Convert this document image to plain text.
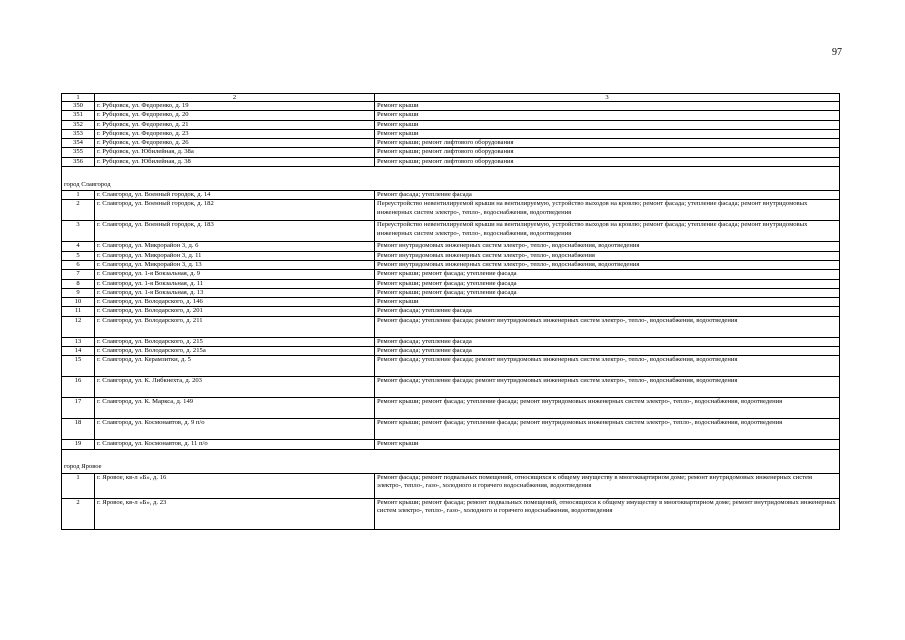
97
1	2	3
350	г. Рубцовск, ул. Федоренко, д. 19	Ремонт крыши
351	г. Рубцовск, ул. Федоренко, д. 20	Ремонт крыши
352	г. Рубцовск, ул. Федоренко, д. 21	Ремонт крыши
353	г. Рубцовск, ул. Федоренко, д. 23	Ремонт крыши
354	г. Рубцовск, ул. Федоренко, д. 26	Ремонт крыши; ремонт лифтового оборудования
355	г. Рубцовск, ул. Юбилейная, д. 38а	Ремонт крыши; ремонт лифтового оборудования
356	г. Рубцовск, ул. Юбилейная, д. 38	Ремонт крыши; ремонт лифтового оборудования
город Славгород		
1	г. Славгород, ул. Военный городок, д. 14	Ремонт фасада; утепление фасада
2	г. Славгород, ул. Военный городок, д. 182	Переустройство невентилируемой крыши на вентилируемую, устройство выходов на кровлю; ремонт фасада; утепление фасада; ремонт внутридомовых инженерных систем электро-, тепло-, водоснабжения, водоотведения
3	г. Славгород, ул. Военный городок, д. 183	Переустройство невентилируемой крыши на вентилируемую, устройство выходов на кровлю; ремонт фасада; утепление фасада; ремонт внутридомовых инженерных систем электро-, тепло-, водоснабжения, водоотведения
4	г. Славгород, ул. Микрорайон 3, д. 6	Ремонт внутридомовых инженерных систем электро-, тепло-, водоснабжения, водоотведения
5	г. Славгород, ул. Микрорайон 3, д. 11	Ремонт внутридомовых инженерных систем электро-, тепло-, водоснабжения
6	г. Славгород, ул. Микрорайон 3, д. 13	Ремонт внутридомовых инженерных систем электро-, тепло-, водоснабжения, водоотведения
7	г. Славгород, ул. 1-я Вокзальная, д. 9	Ремонт крыши; ремонт фасада; утепление фасада
8	г. Славгород, ул. 1-я Вокзальная, д. 11	Ремонт крыши; ремонт фасада; утепление фасада
9	г. Славгород, ул. 1-я Вокзальная, д. 13	Ремонт крыши; ремонт фасада; утепление фасада
10	г. Славгород, ул. Володарского, д. 146	Ремонт крыши
11	г. Славгород, ул. Володарского, д. 201	Ремонт фасада; утепление фасада
12	г. Славгород, ул. Володарского, д. 211	Ремонт фасада; утепление фасада; ремонт внутридомовых инженерных систем электро-, тепло-, водоснабжения, водоотведения
13	г. Славгород, ул. Володарского, д. 215	Ремонт фасада; утепление фасада
14	г. Славгород, ул. Володарского, д. 215а	Ремонт фасада; утепление фасада
15	г. Славгород, ул. Керамзитки, д. 5	Ремонт фасада; утепление фасада; ремонт внутридомовых инженерных систем электро-, тепло-, водоснабжения, водоотведения
16	г. Славгород, ул. К. Либкнехта, д. 203	Ремонт фасада; утепление фасада; ремонт внутридомовых инженерных систем электро-, тепло-, водоснабжения, водоотведения
17	г. Славгород, ул. К. Маркса, д. 149	Ремонт крыши; ремонт фасада; утепление фасада; ремонт внутридомовых инженерных систем электро-, тепло-, водоснабжения, водоотведения
18	г. Славгород, ул. Космонавтов, д. 9 п/о	Ремонт крыши; ремонт фасада; утепление фасада; ремонт внутридомовых инженерных систем электро-, тепло-, водоснабжения, водоотведения
19	г. Славгород, ул. Космонавтов, д. 11 п/о	Ремонт крыши
город Яровое		
1	г. Яровое, кв-л «Б», д. 16	Ремонт фасада; ремонт подвальных помещений, относящихся к общему имуществу в многоквартирном доме; ремонт внутридомовых инженерных систем электро-, тепло-, газо-, холодного и горячего водоснабжения, водоотведения
2	г. Яровое, кв-л «Б», д. 23	Ремонт крыши; ремонт фасада; ремонт подвальных помещений, относящихся к общему имуществу в многоквартирном доме; ремонт внутридомовых инженерных систем электро-, тепло-, газо-, холодного и горячего водоснабжения, водоотведения
